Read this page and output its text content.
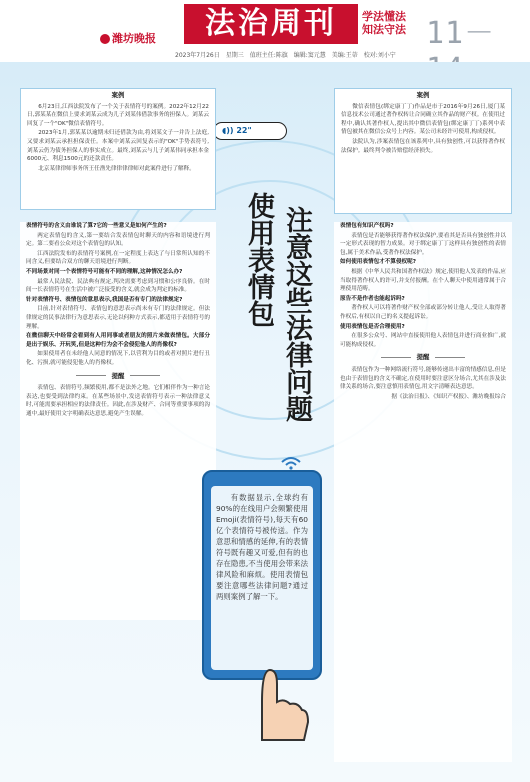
潍坊晚报	法治周刊	学法懂法
知法守法 11－
2023年7月26日　星期三　值班主任:陈旗　编辑:窦元慧　美编:王蒂　校对:刘小宁
◖)) 22"
注意这些法律问题
使用表情包
案例

6月23日,江西法院发布了一个关于表情符号的案例。2022年12月22日,郭某某在微信上要求刘某云成为儿子刘某伟借款事务的担保人。刘某云回复了一个"OK"微信表情符号。

2023年1月,郭某某以逾期未归还借款为由,将刘某文子一并告上法庭,又要求刘某云承担担保责任。本案中刘某云回复表示的"OK"手势表符号,刘某云仍为债务担保人的事实成立。最终,刘某云与儿子刘某伟同承担本金6000元、利息1500元的还款责任。

北京某律律师事务所王任渔先律律律律师对此案件进行了解释。

案例

微信表情包(绑定康丁丁)作品是市于2016年9月26日,厦门某信息技术公司通过著作权转让合同确立其作品的财产权。在使用过程中,确认其著作权人,提出其中微信表情包(绑定康丁丁)系列中表情包被其在微信公众号上内容。某公司未经许可使用,构成侵权。

法院认为,涉案表情包在该系列中,具有独创性,可以获得著作权法保护。最终判令被告赔偿经济损失。

表情符号的含义由谁说了算?它的一些意义是如何产生的?

两定表情包的含义,第一要结合发表情包时聊天的内容和语境进行判定。第二要看公众对这个表情包的认知。

江西法院发布的表情符号案例,在一定程度上表达了与日常所认知的不同含义,但要结合双方的聊天语境进行判断。

不同场景对同一个表情符号可能有不同的理解,这种情况怎么办?

最常人民法院、民法典有规定,判决需要考虑到习惯和公序良俗。在时间一长表情符号在生活中被广泛接受的含义,就会成为判定的标准。

针对表情符号、表情包的意思表示,我国是否有专门的法律规定?

目前,针对表情符号、表情包的意思表示尚未有专门的法律规定。但法律规定的民事法律行为意思表示,无论以何种方式表示,都适用于表情符号的理解。

在微信聊天中经常会看到有人用同事或者朋友的照片来做表情包。大部分是出于娱乐、开玩笑,但是这种行为会不会侵犯他人的肖像权?

如果使用者在未经他人同意的情况下,以营利为目的或者对照片进行丑化、污损,就可能侵犯他人的肖像权。

提醒

表情包、表情符号,频繁使用,都不是法外之地。它们相伴作为一种言论表达,也要受到法律约束。在某些场景中,发送表情符号表示一种法律意义时,可能需要承担相应的法律责任。因此,在涉及财产、合同等重要事项的沟通中,最好使用文字明确表达意思,避免产生误解。

表情包有知识产权吗?

表情包是否能够获得著作权法保护,要看其是否具有独创性并以一定形式表现的智力成果。对于绑定康丁丁这样具有独创性的表情包,属于美术作品,受著作权法保护。

如何使用表情包才不算侵权呢?

根据《中华人民共和国著作权法》规定,使用他人发表的作品,应当取得著作权人的许可,并支付报酬。在个人聊天中使用通常属于合理使用范畴。

原告不是作者也能起诉吗?

著作权人可以将著作财产权全部或部分转让他人,受让人取得著作权后,有权以自己的名义提起诉讼。

使用表情包是否合理使用?

在很多公众号、网站中直接使用他人表情包并进行商业推广,就可能构成侵权。

提醒

表情包作为一种网络流行符号,能够传递出丰富的情感信息,但是也由于表情包的含义不确定,在使用时要注意区分场合,尤其在涉及法律关系的场合,要注意慎用表情包,用文字清晰表达意思。

据《法治日报》、《知识产权报》、潍坊晚报综合

有数据显示,全球约有90%的在线用户会频繁使用Emoji(表情符号),每天有60亿个表情符号被传送。作为意思和情感的延伸,有的表情符号既有趣又可爱,但有的也存在隐患,不当使用会带来法律风险和麻烦。使用表情包要注意哪些法律问题?通过两则案例了解一下。
